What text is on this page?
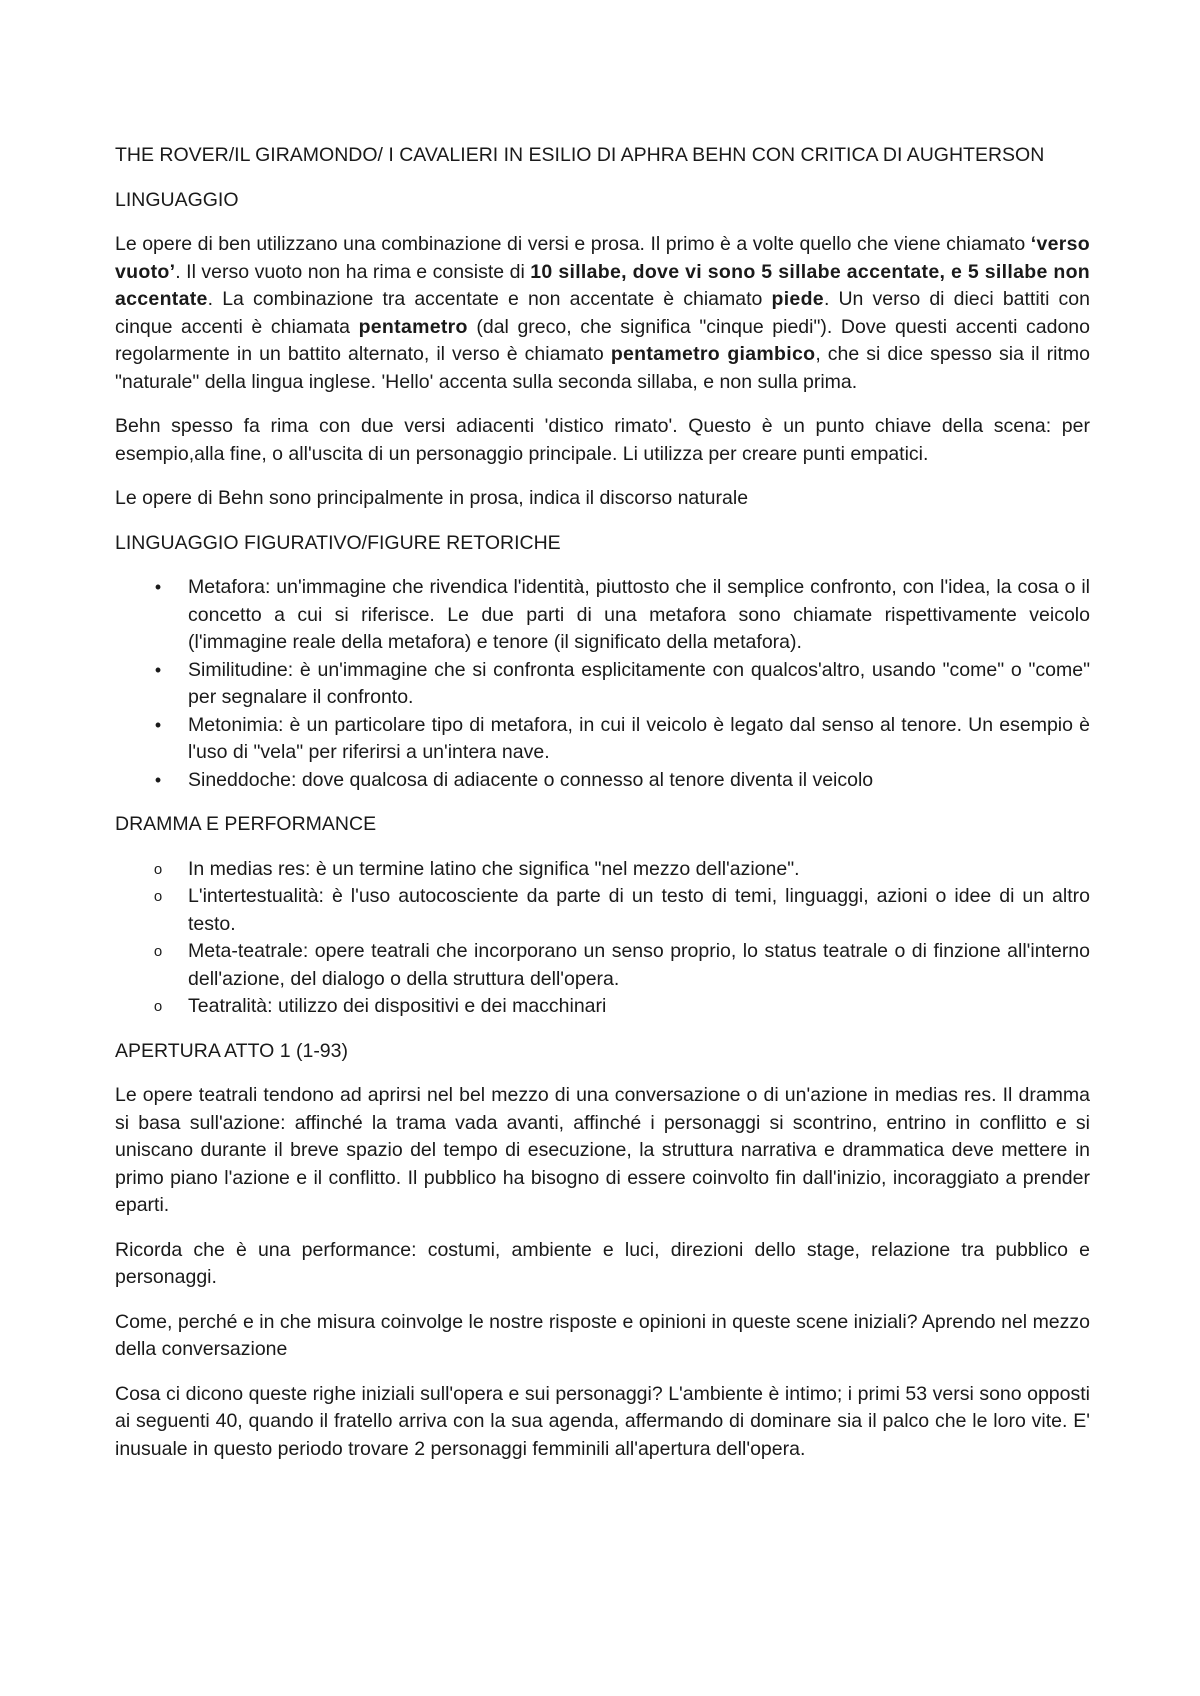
THE ROVER/IL GIRAMONDO/ I CAVALIERI IN ESILIO DI APHRA BEHN CON CRITICA DI AUGHTERSON

LINGUAGGIO

Le opere di ben utilizzano una combinazione di versi e prosa. Il primo è a volte quello che viene chiamato ‘verso vuoto’. Il verso vuoto non ha rima e consiste di 10 sillabe, dove vi sono 5 sillabe accentate, e 5 sillabe non accentate. La combinazione tra accentate e non accentate è chiamato piede. Un verso di dieci battiti con cinque accenti è chiamata pentametro (dal greco, che significa "cinque piedi"). Dove questi accenti cadono regolarmente in un battito alternato, il verso è chiamato pentametro giambico, che si dice spesso sia il ritmo "naturale" della lingua inglese. 'Hello' accenta sulla seconda sillaba, e non sulla prima.

Behn spesso fa rima con due versi adiacenti 'distico rimato'. Questo è un punto chiave della scena: per esempio,alla fine, o all'uscita di un personaggio principale. Li utilizza per creare punti empatici.

Le opere di Behn sono principalmente in prosa, indica il discorso naturale

LINGUAGGIO FIGURATIVO/FIGURE RETORICHE

•	Metafora: un'immagine che rivendica l'identità, piuttosto che il semplice confronto, con l'idea, la cosa o il concetto a cui si riferisce. Le due parti di una metafora sono chiamate rispettivamente veicolo (l'immagine reale della metafora) e tenore (il significato della metafora).
•	Similitudine: è un'immagine che si confronta esplicitamente con qualcos'altro, usando "come" o "come" per segnalare il confronto.
•	Metonimia: è un particolare tipo di metafora, in cui il veicolo è legato dal senso al tenore. Un esempio è l'uso di "vela" per riferirsi a un'intera nave.
•	Sineddoche: dove qualcosa di adiacente o connesso al tenore diventa il veicolo

DRAMMA E PERFORMANCE

o In medias res: è un termine latino che significa "nel mezzo dell'azione".
o L'intertestualità: è l'uso autocosciente da parte di un testo di temi, linguaggi, azioni o idee di un altro testo.
o Meta-teatrale: opere teatrali che incorporano un senso proprio, lo status teatrale o di finzione all'interno dell'azione, del dialogo o della struttura dell'opera.
o Teatralità: utilizzo dei dispositivi e dei macchinari

APERTURA ATTO 1 (1-93)

Le opere teatrali tendono ad aprirsi nel bel mezzo di una conversazione o di un'azione in medias res. Il dramma si basa sull'azione: affinché la trama vada avanti, affinché i personaggi si scontrino, entrino in conflitto e si uniscano durante il breve spazio del tempo di esecuzione, la struttura narrativa e drammatica deve mettere in primo piano l'azione e il conflitto. Il pubblico ha bisogno di essere coinvolto fin dall'inizio, incoraggiato a prender eparti.

Ricorda che è una performance: costumi, ambiente e luci, direzioni dello stage, relazione tra pubblico e personaggi.

Come, perché e in che misura coinvolge le nostre risposte e opinioni in queste scene iniziali? Aprendo nel mezzo della conversazione

Cosa ci dicono queste righe iniziali sull'opera e sui personaggi? L'ambiente è intimo; i primi 53 versi sono opposti ai seguenti 40, quando il fratello arriva con la sua agenda, affermando di dominare sia il palco che le loro vite. E' inusuale in questo periodo trovare 2 personaggi femminili all'apertura dell'opera.
